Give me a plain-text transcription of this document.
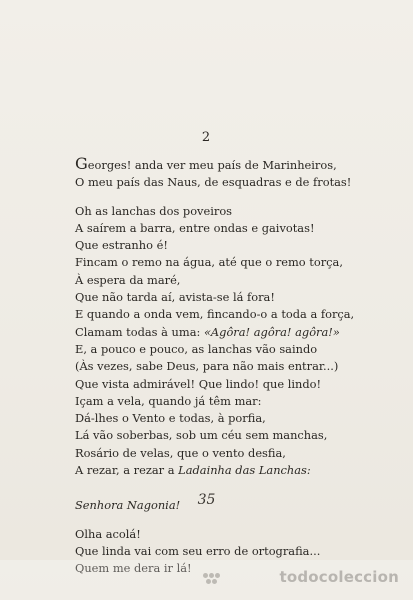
2
Georges! anda ver meu país de Marinheiros,
O meu país das Naus, de esquadras e de frotas!
Oh as lanchas dos poveiros
A saírem a barra, entre ondas e gaivotas!
Que estranho é!
Fincam o remo na água, até que o remo torça,
À espera da maré,
Que não tarda aí, avista-se lá fora!
E quando a onda vem, fincando-o a toda a força,
Clamam todas à uma: «Agôra! agôra! agôra!»
E, a pouco e pouco, as lanchas vão saindo
(Às vezes, sabe Deus, para não mais entrar...)
Que vista admirável! Que lindo! que lindo!
Içam a vela, quando já têm mar:
Dá-lhes o Vento e todas, à porfia,
Lá vão soberbas, sob um céu sem manchas,
Rosário de velas, que o vento desfia,
A rezar, a rezar a Ladainha das Lanchas:
Senhora Nagonia!
Olha acolá!
Que linda vai com seu erro de ortografia...
Quem me dera ir lá!
35
todocoleccion
